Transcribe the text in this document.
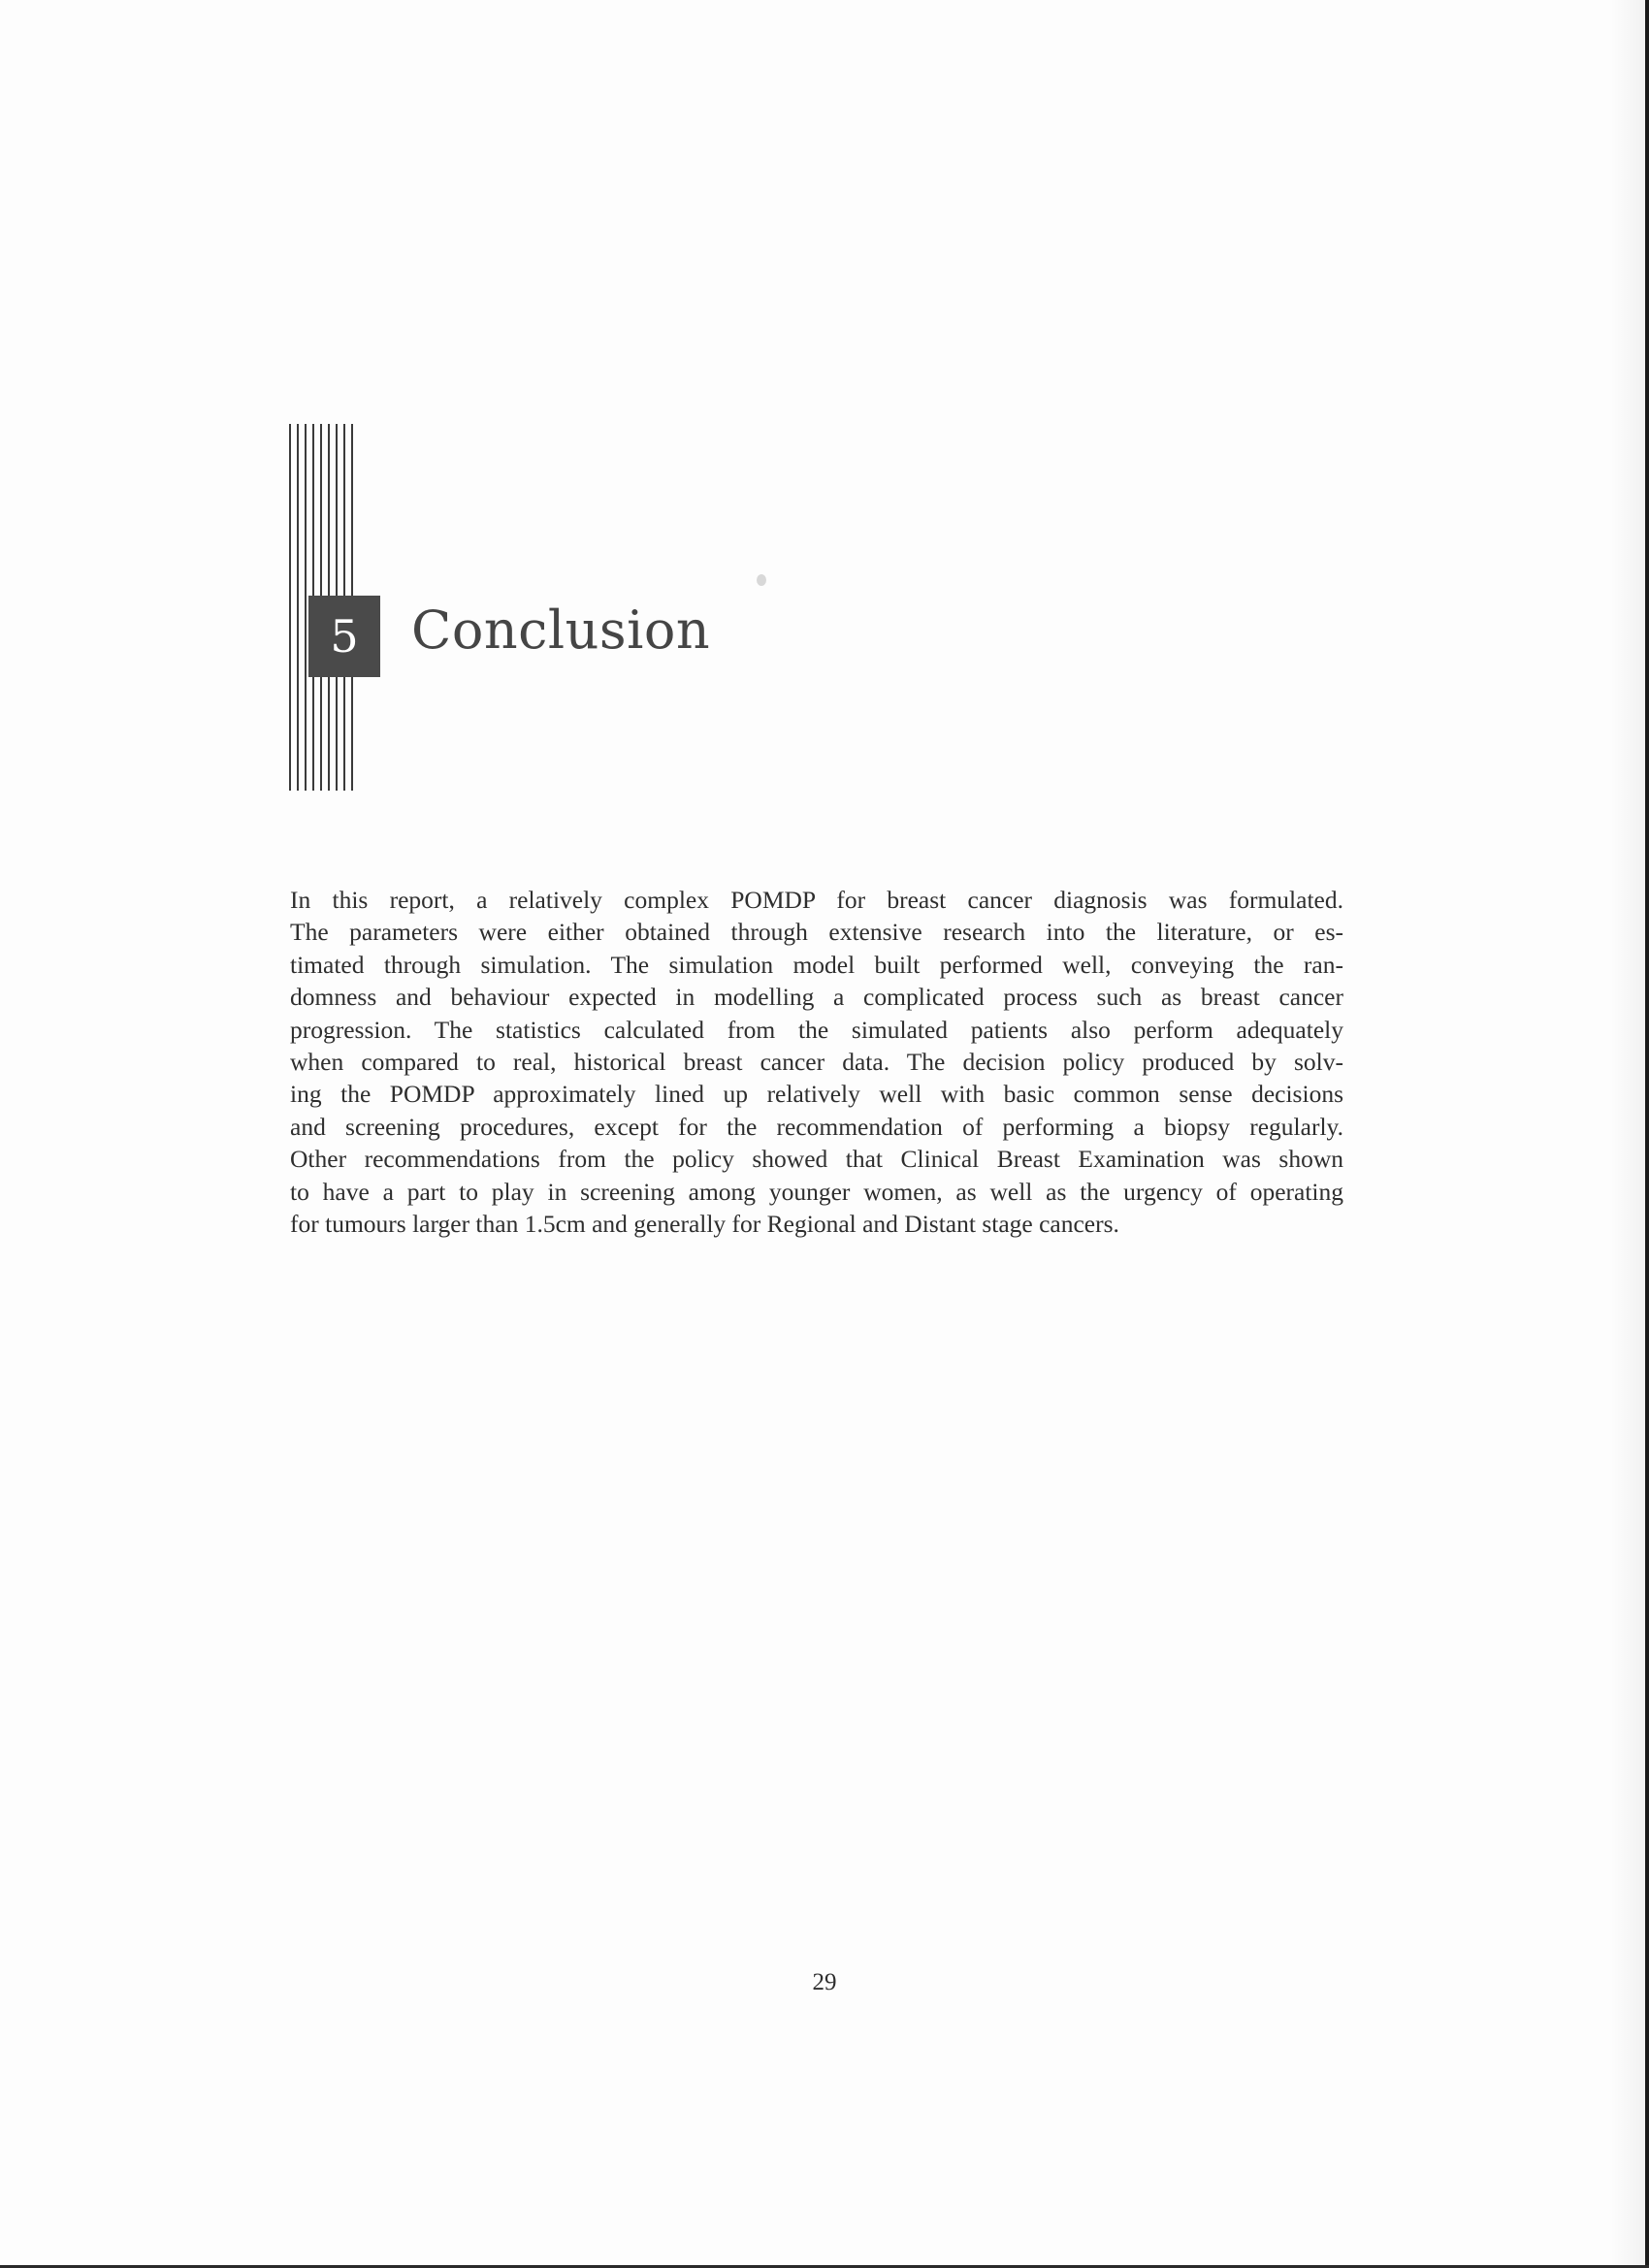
5 Conclusion
In this report, a relatively complex POMDP for breast cancer diagnosis was formulated.
The parameters were either obtained through extensive research into the literature, or es-
timated through simulation. The simulation model built performed well, conveying the ran-
domness and behaviour expected in modelling a complicated process such as breast cancer
progression. The statistics calculated from the simulated patients also perform adequately
when compared to real, historical breast cancer data. The decision policy produced by solv-
ing the POMDP approximately lined up relatively well with basic common sense decisions
and screening procedures, except for the recommendation of performing a biopsy regularly.
Other recommendations from the policy showed that Clinical Breast Examination was shown
to have a part to play in screening among younger women, as well as the urgency of operating
for tumours larger than 1.5cm and generally for Regional and Distant stage cancers.
29
